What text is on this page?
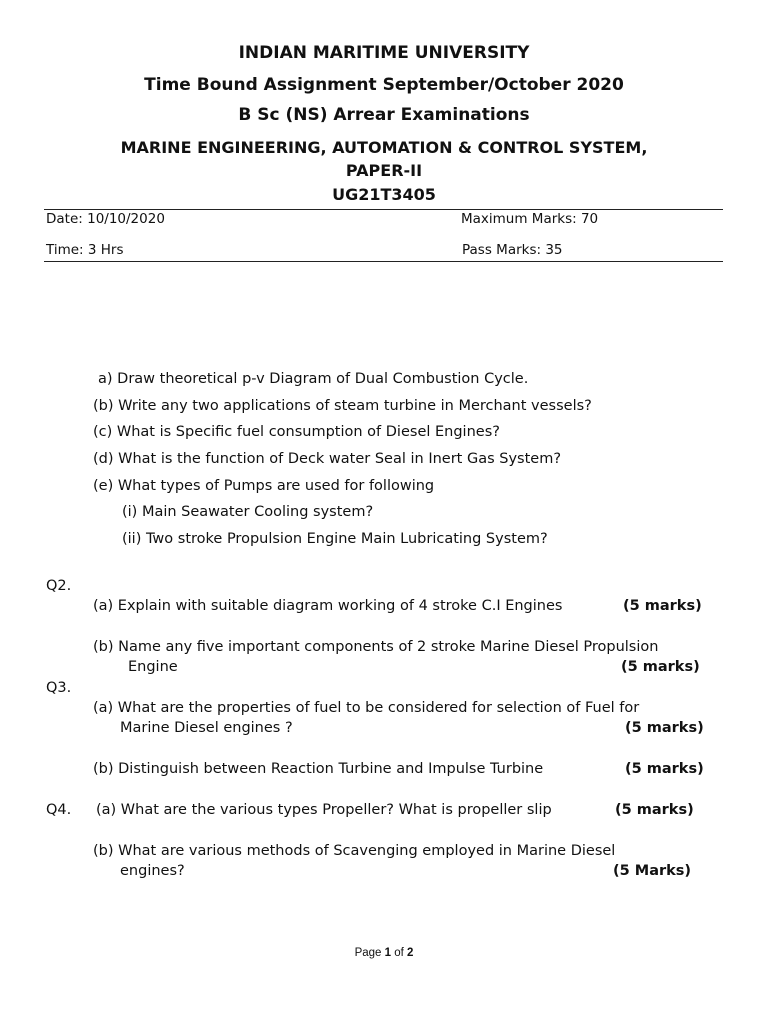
INDIAN MARITIME UNIVERSITY
Time Bound Assignment September/October 2020
B Sc (NS) Arrear Examinations
MARINE ENGINEERING, AUTOMATION & CONTROL SYSTEM,
PAPER-II
UG21T3405
Date: 10/10/2020	Maximum Marks: 70
Time: 3 Hrs	Pass Marks: 35
a) Draw theoretical p-v Diagram of Dual Combustion Cycle.
(b) Write any two applications of steam turbine in Merchant vessels?
(c) What is Specific fuel consumption of Diesel Engines?
(d) What is the function of Deck water Seal in Inert Gas System?
(e) What types of Pumps are used for following
(i) Main Seawater Cooling system?
(ii) Two stroke Propulsion Engine Main Lubricating System?
Q2.
(a) Explain with suitable diagram working of 4 stroke C.I Engines	(5 marks)
(b) Name any five important components of 2 stroke Marine Diesel Propulsion
Engine	(5 marks)
Q3.
(a) What are the properties of fuel to be considered for selection of Fuel for
Marine Diesel engines ?	(5 marks)
(b) Distinguish between Reaction Turbine and Impulse Turbine	(5 marks)
Q4. (a) What are the various types Propeller? What is propeller slip	(5 marks)
(b) What are various methods of Scavenging employed in Marine Diesel
engines?	(5 Marks)
Page 1 of 2
